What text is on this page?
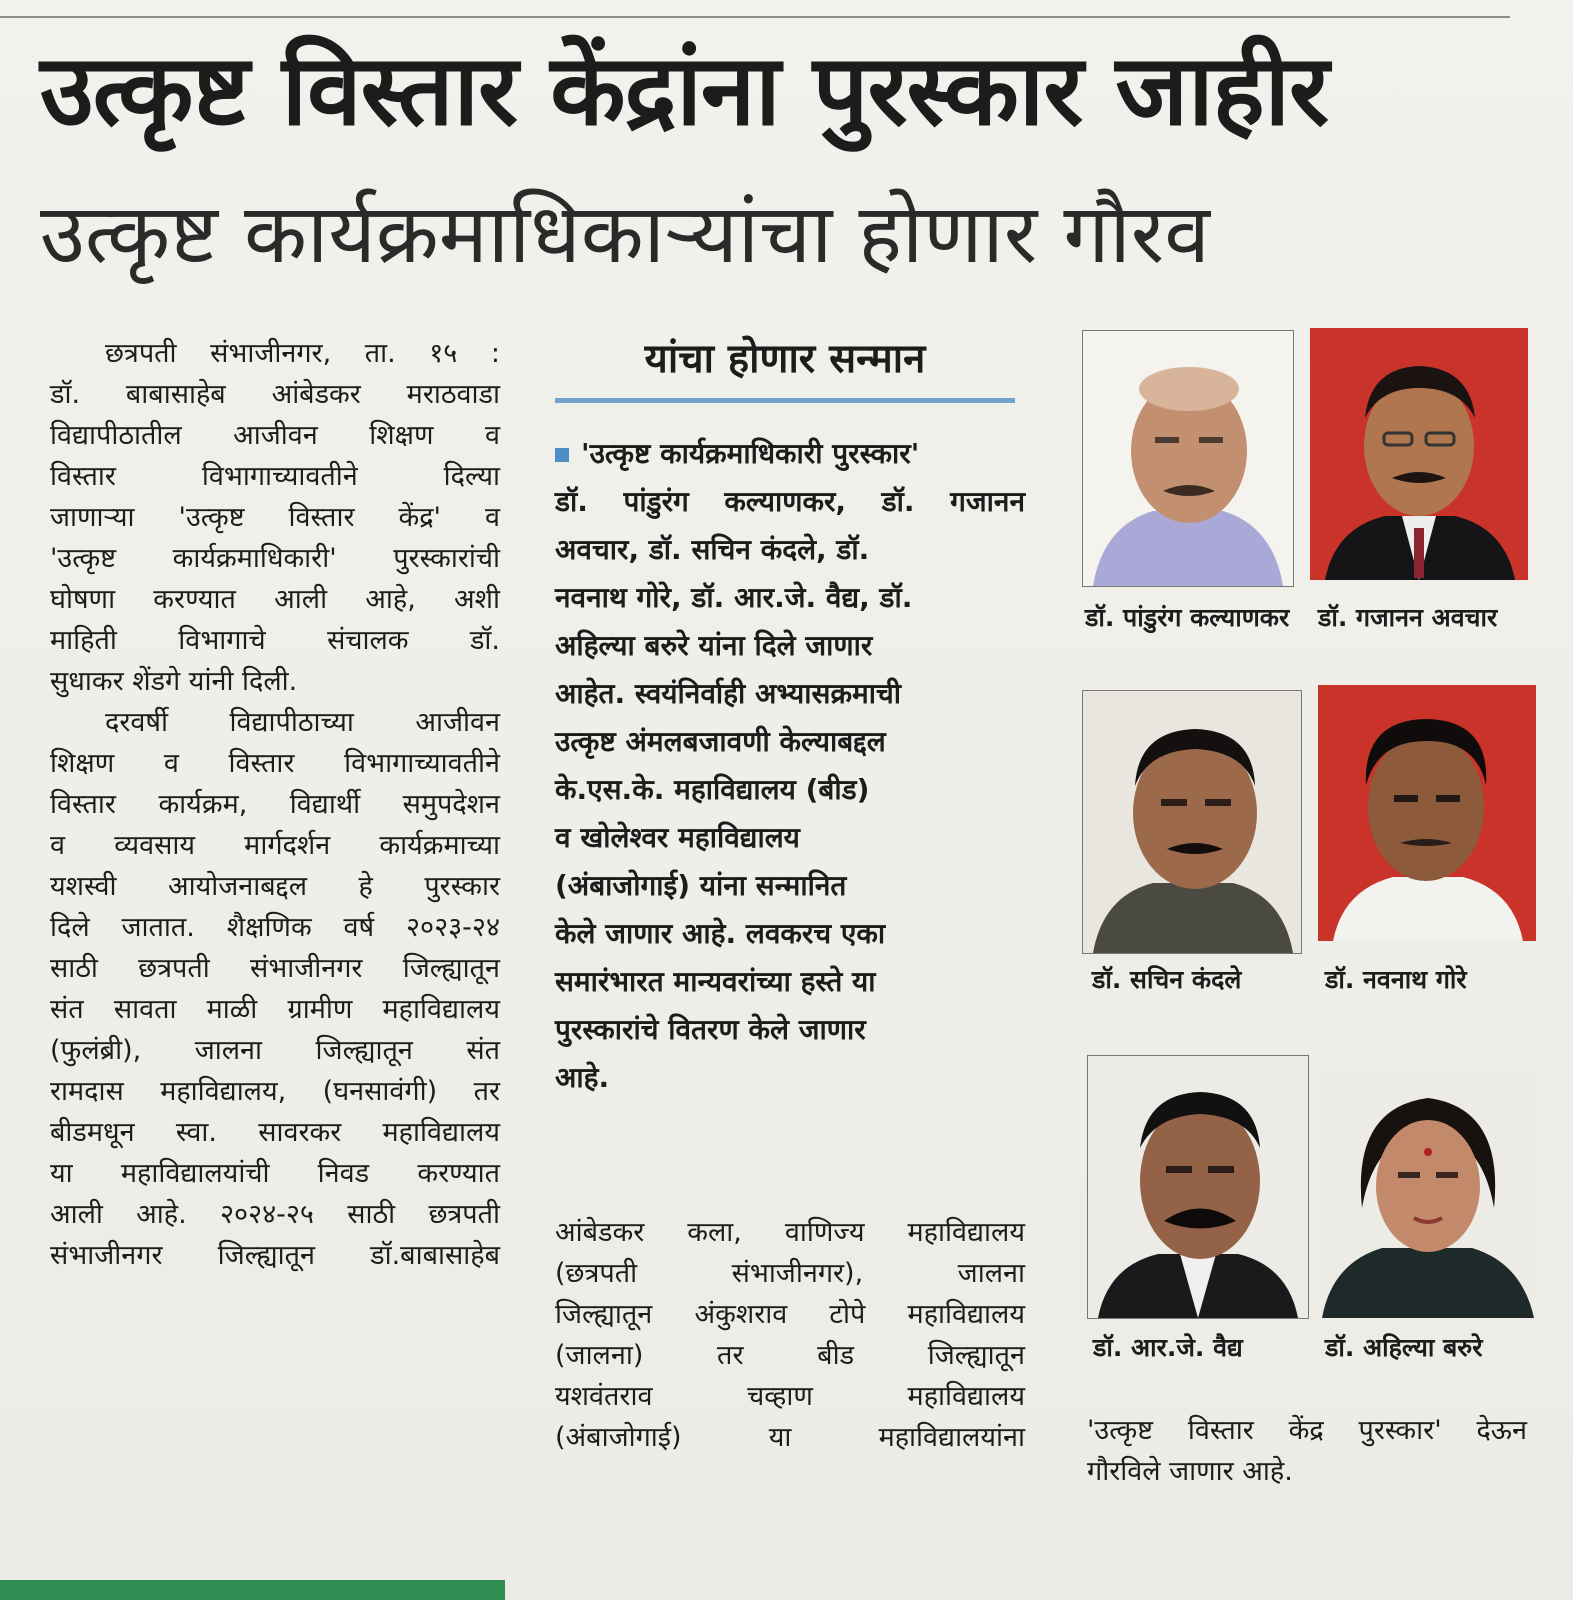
उत्कृष्ट विस्तार केंद्रांना पुरस्कार जाहीर
उत्कृष्ट कार्यक्रमाधिकाऱ्यांचा होणार गौरव

छत्रपती संभाजीनगर, ता. १५ :

डॉ. बाबासाहेब आंबेडकर मराठवाडा

विद्यापीठातील आजीवन शिक्षण व

विस्तार विभागाच्यावतीने दिल्या

जाणाऱ्या 'उत्कृष्ट विस्तार केंद्र' व

'उत्कृष्ट कार्यक्रमाधिकारी' पुरस्कारांची

घोषणा करण्यात आली आहे, अशी

माहिती विभागाचे संचालक डॉ.

सुधाकर शेंडगे यांनी दिली.

दरवर्षी विद्यापीठाच्या आजीवन

शिक्षण व विस्तार विभागाच्यावतीने

विस्तार कार्यक्रम, विद्यार्थी समुपदेशन

व व्यवसाय मार्गदर्शन कार्यक्रमाच्या

यशस्वी आयोजनाबद्दल हे पुरस्कार

दिले जातात. शैक्षणिक वर्ष २०२३-२४

साठी छत्रपती संभाजीनगर जिल्ह्यातून

संत सावता माळी ग्रामीण महाविद्यालय

(फुलंब्री), जालना जिल्ह्यातून संत

रामदास महाविद्यालय, (घनसावंगी) तर

बीडमधून स्वा. सावरकर महाविद्यालय

या महाविद्यालयांची निवड करण्यात

आली आहे. २०२४-२५ साठी छत्रपती

संभाजीनगर जिल्ह्यातून डॉ.बाबासाहेब

यांचा होणार सन्मान

'उत्कृष्ट कार्यक्रमाधिकारी पुरस्कार'

डॉ. पांडुरंग कल्याणकर, डॉ. गजानन

अवचार, डॉ. सचिन कंदले, डॉ.

नवनाथ गोरे, डॉ. आर.जे. वैद्य, डॉ.

अहिल्या बरुरे यांना दिले जाणार

आहेत. स्वयंनिर्वाही अभ्यासक्रमाची

उत्कृष्ट अंमलबजावणी केल्याबद्दल

के.एस.के. महाविद्यालय (बीड)

व खोलेश्वर महाविद्यालय

(अंबाजोगाई) यांना सन्मानित

केले जाणार आहे. लवकरच एका

समारंभारत मान्यवरांच्या हस्ते या

पुरस्कारांचे वितरण केले जाणार

आहे.

आंबेडकर कला, वाणिज्य महाविद्यालय

(छत्रपती संभाजीनगर), जालना

जिल्ह्यातून अंकुशराव टोपे महाविद्यालय

(जालना) तर बीड जिल्ह्यातून

यशवंतराव चव्हाण महाविद्यालय

(अंबाजोगाई) या महाविद्यालयांना

डॉ. पांडुरंग कल्याणकर डॉ. गजानन अवचार
डॉ. सचिन कंदले	डॉ. नवनाथ गोरे
डॉ. आर.जे. वैद्य	डॉ. अहिल्या बरुरे

'उत्कृष्ट विस्तार केंद्र पुरस्कार' देऊन

गौरविले जाणार आहे.
